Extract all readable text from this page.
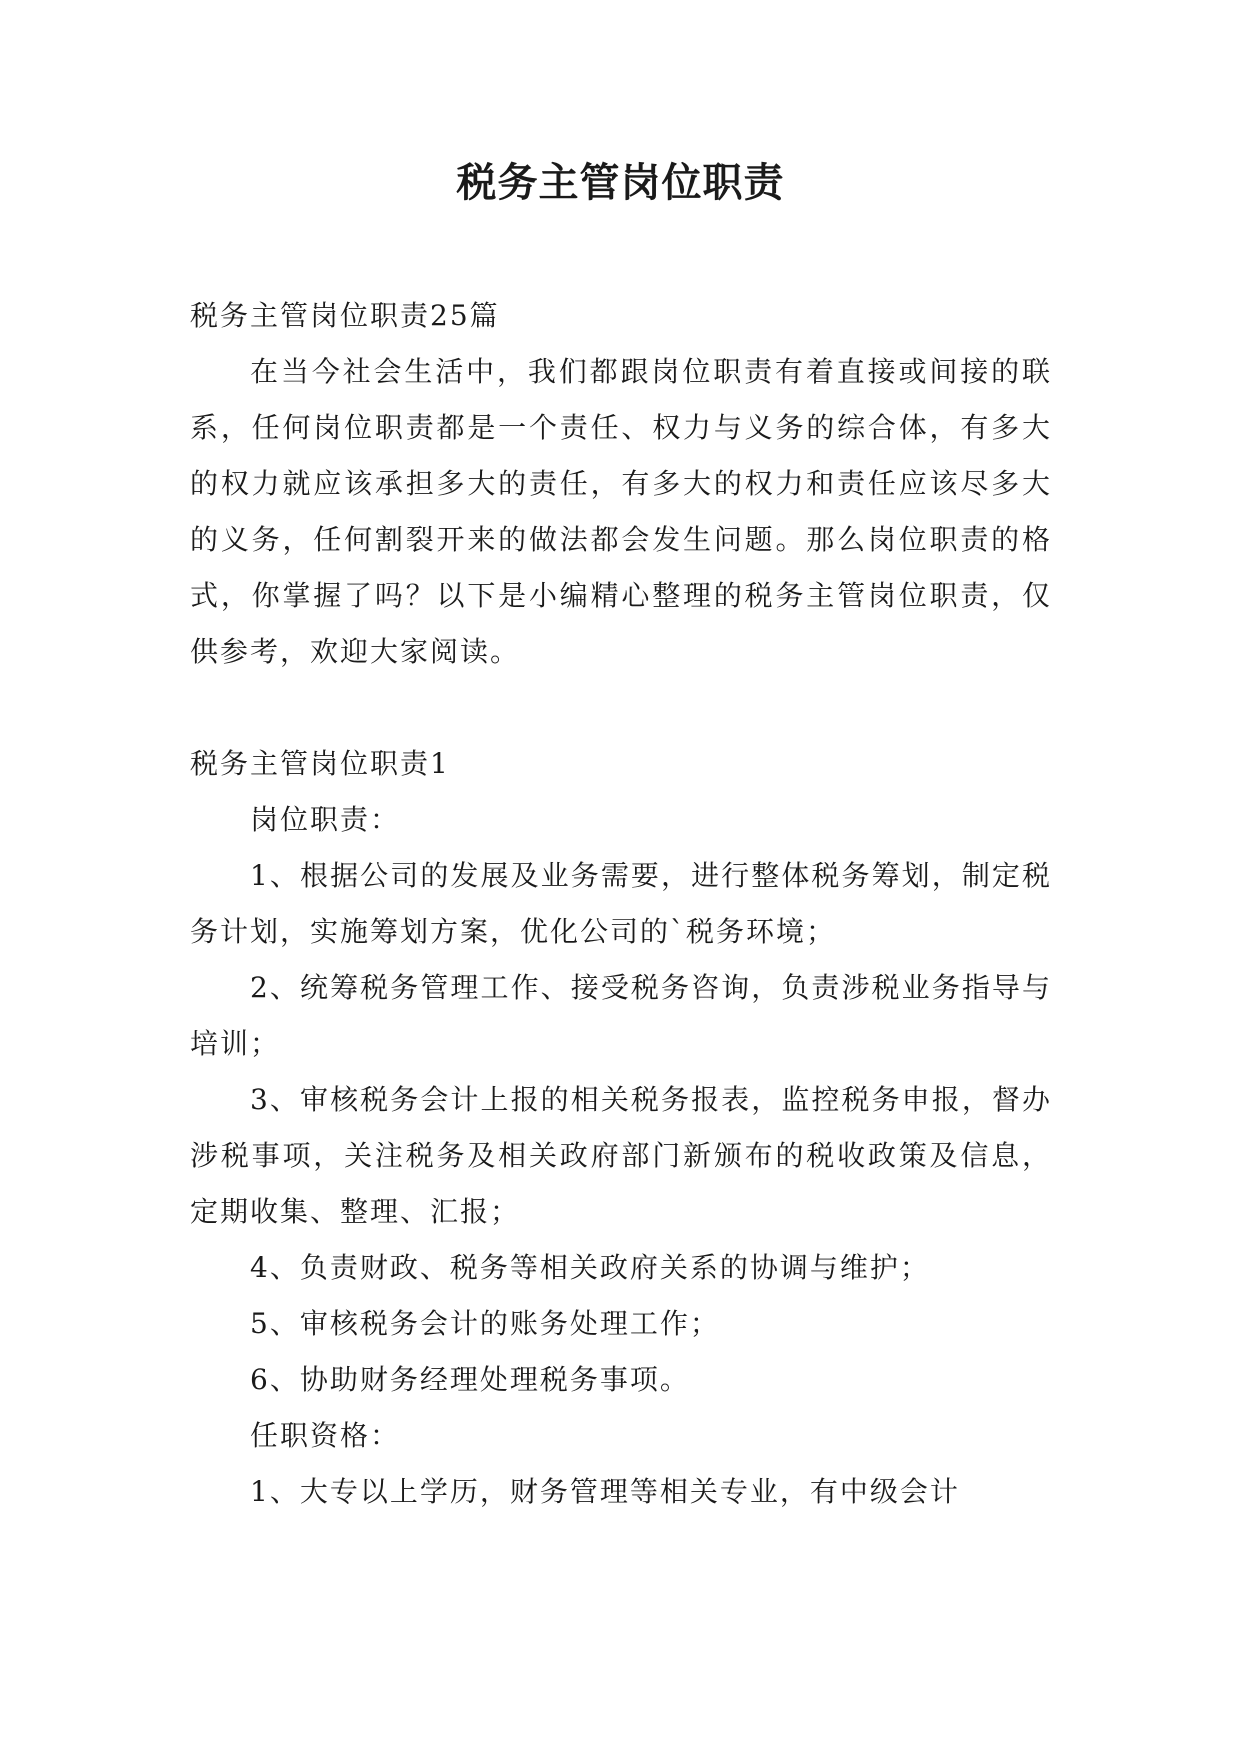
税务主管岗位职责

税务主管岗位职责25篇

在当今社会生活中，我们都跟岗位职责有着直接或间接的联系，任何岗位职责都是一个责任、权力与义务的综合体，有多大的权力就应该承担多大的责任，有多大的权力和责任应该尽多大的义务，任何割裂开来的做法都会发生问题。那么岗位职责的格式，你掌握了吗？以下是小编精心整理的税务主管岗位职责，仅供参考，欢迎大家阅读。

税务主管岗位职责1

岗位职责：

1、根据公司的发展及业务需要，进行整体税务筹划，制定税务计划，实施筹划方案，优化公司的`税务环境；

2、统筹税务管理工作、接受税务咨询，负责涉税业务指导与培训；

3、审核税务会计上报的相关税务报表，监控税务申报，督办涉税事项，关注税务及相关政府部门新颁布的税收政策及信息，定期收集、整理、汇报；

4、负责财政、税务等相关政府关系的协调与维护；

5、审核税务会计的账务处理工作；

6、协助财务经理处理税务事项。

任职资格：

1、大专以上学历，财务管理等相关专业，有中级会计
